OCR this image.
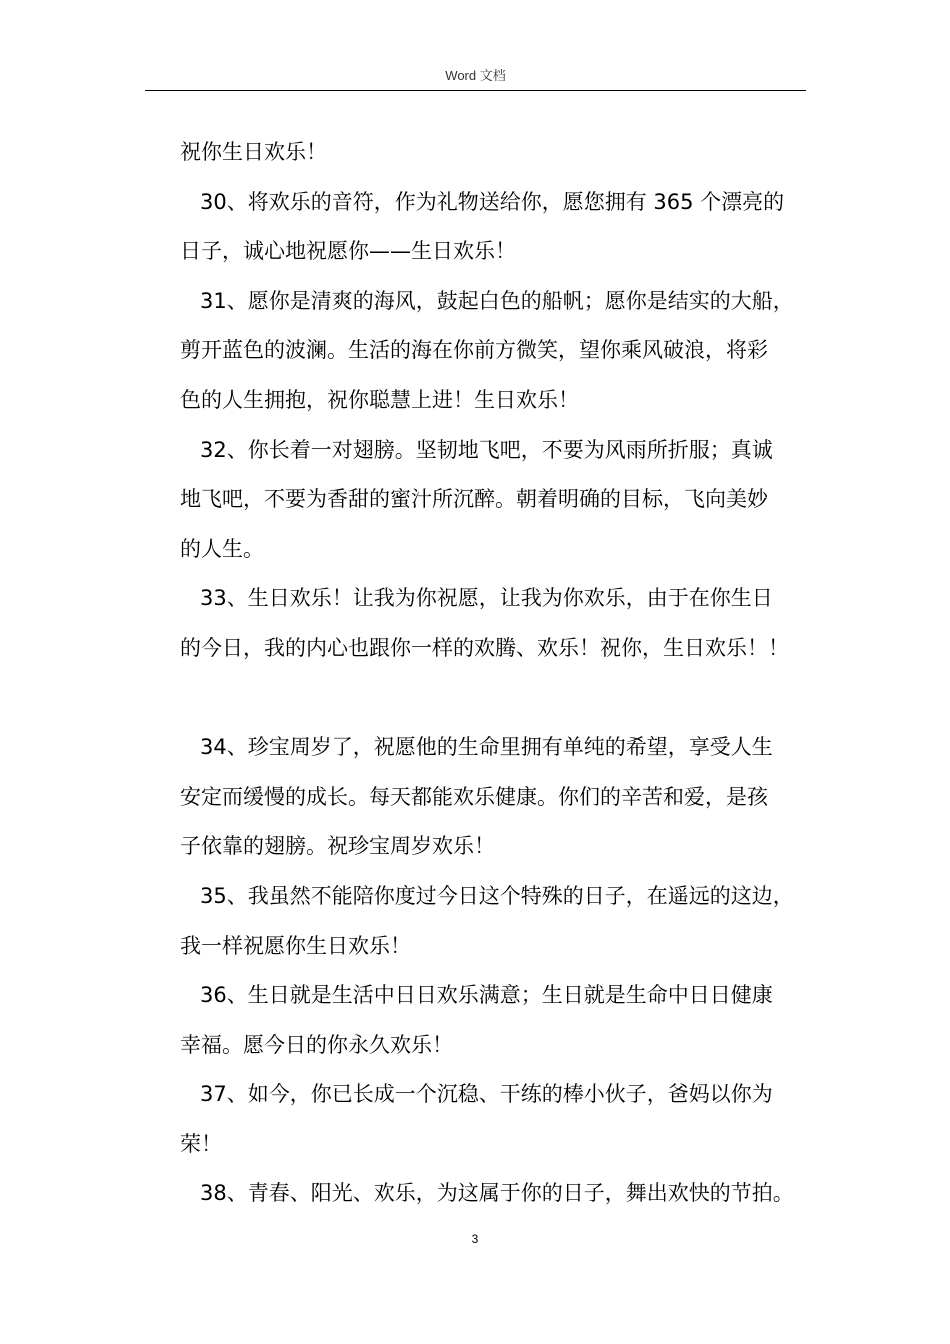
Word 文档
祝你生日欢乐！
30、将欢乐的音符，作为礼物送给你，愿您拥有 365 个漂亮的
日子，诚心地祝愿你——生日欢乐！
31、愿你是清爽的海风，鼓起白色的船帆；愿你是结实的大船，
剪开蓝色的波澜。生活的海在你前方微笑，望你乘风破浪，将彩
色的人生拥抱，祝你聪慧上进！生日欢乐！
32、你长着一对翅膀。坚韧地飞吧，不要为风雨所折服；真诚
地飞吧，不要为香甜的蜜汁所沉醉。朝着明确的目标，飞向美妙
的人生。
33、生日欢乐！让我为你祝愿，让我为你欢乐，由于在你生日
的今日，我的内心也跟你一样的欢腾、欢乐！祝你，生日欢乐！！
34、珍宝周岁了，祝愿他的生命里拥有单纯的希望，享受人生
安定而缓慢的成长。每天都能欢乐健康。你们的辛苦和爱，是孩
子依靠的翅膀。祝珍宝周岁欢乐！
35、我虽然不能陪你度过今日这个特殊的日子，在遥远的这边，
我一样祝愿你生日欢乐！
36、生日就是生活中日日欢乐满意；生日就是生命中日日健康
幸福。愿今日的你永久欢乐！
37、如今，你已长成一个沉稳、干练的棒小伙子，爸妈以你为
荣！
38、青春、阳光、欢乐，为这属于你的日子，舞出欢快的节拍。
3
